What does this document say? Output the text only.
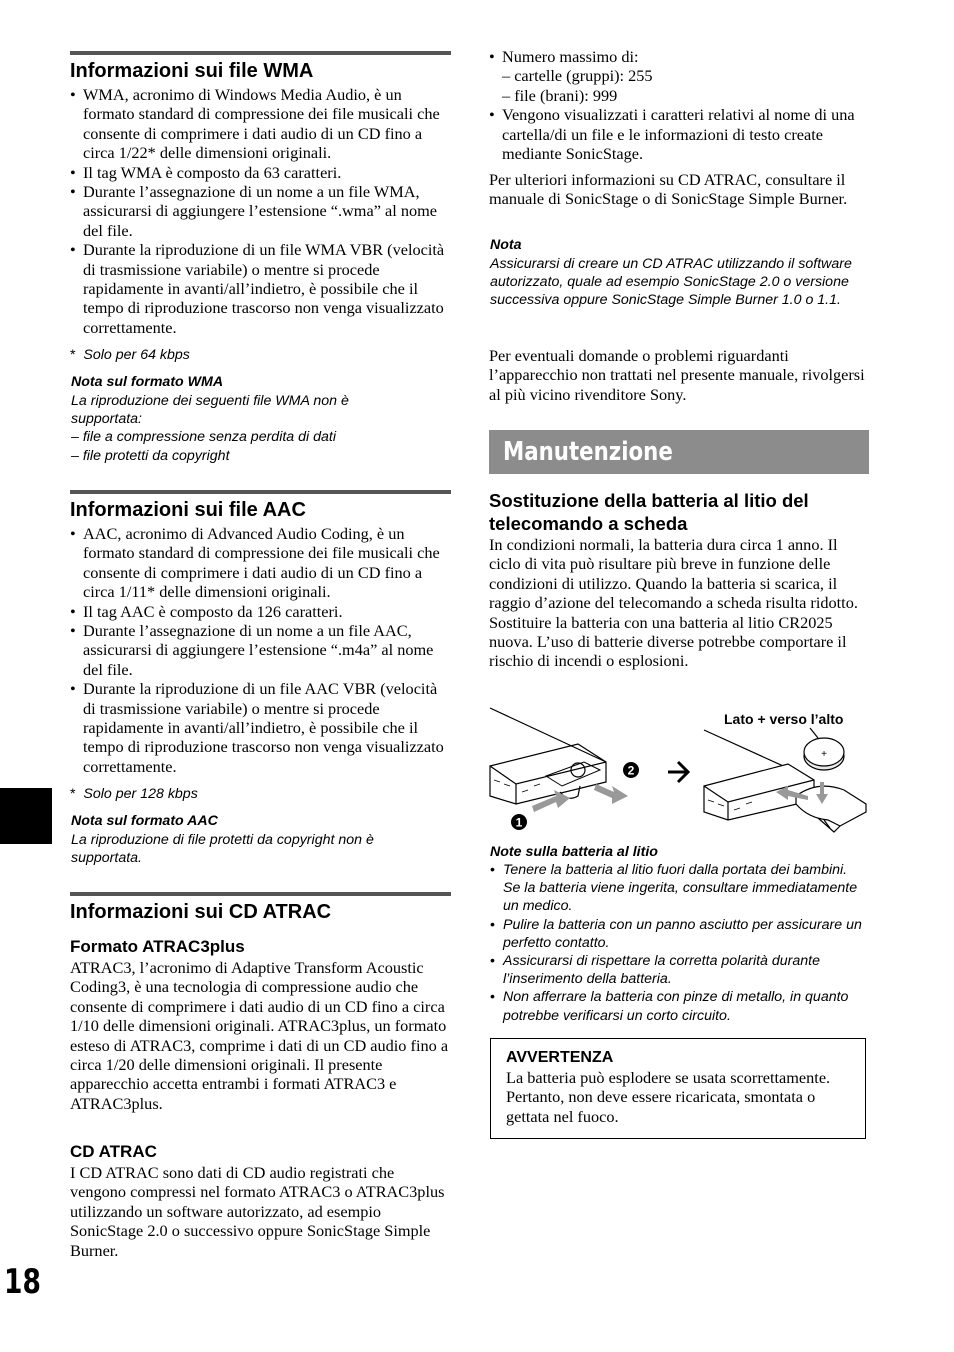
Informazioni sui file WMA
• WMA, acronimo di Windows Media Audio, è un formato standard di compressione dei file musicali che consente di comprimere i dati audio di un CD fino a circa 1/22* delle dimensioni originali.
• Il tag WMA è composto da 63 caratteri.
• Durante l’assegnazione di un nome a un file WMA, assicurarsi di aggiungere l’estensione “.wma” al nome del file.
• Durante la riproduzione di un file WMA VBR (velocità di trasmissione variabile) o mentre si procede rapidamente in avanti/all’indietro, è possibile che il tempo di riproduzione trascorso non venga visualizzato correttamente.
* Solo per 64 kbps
Nota sul formato WMA
La riproduzione dei seguenti file WMA non è supportata:
– file a compressione senza perdita di dati
– file protetti da copyright
Informazioni sui file AAC
• AAC, acronimo di Advanced Audio Coding, è un formato standard di compressione dei file musicali che consente di comprimere i dati audio di un CD fino a circa 1/11* delle dimensioni originali.
• Il tag AAC è composto da 126 caratteri.
• Durante l’assegnazione di un nome a un file AAC, assicurarsi di aggiungere l’estensione “.m4a” al nome del file.
• Durante la riproduzione di un file AAC VBR (velocità di trasmissione variabile) o mentre si procede rapidamente in avanti/all’indietro, è possibile che il tempo di riproduzione trascorso non venga visualizzato correttamente.
* Solo per 128 kbps
Nota sul formato AAC
La riproduzione di file protetti da copyright non è supportata.
Informazioni sui CD ATRAC
Formato ATRAC3plus

ATRAC3, l’acronimo di Adaptive Transform Acoustic Coding3, è una tecnologia di compressione audio che consente di comprimere i dati audio di un CD fino a circa 1/10 delle dimensioni originali. ATRAC3plus, un formato esteso di ATRAC3, comprime i dati di un CD audio fino a circa 1/20 delle dimensioni originali. Il presente apparecchio accetta entrambi i formati ATRAC3 e ATRAC3plus.

CD ATRAC

I CD ATRAC sono dati di CD audio registrati che vengono compressi nel formato ATRAC3 o ATRAC3plus utilizzando un software autorizzato, ad esempio SonicStage 2.0 o successivo oppure SonicStage Simple Burner.

18
• Numero massimo di:
– cartelle (gruppi): 255
– file (brani): 999
• Vengono visualizzati i caratteri relativi al nome di una cartella/di un file e le informazioni di testo create mediante SonicStage.

Per ulteriori informazioni su CD ATRAC, consultare il manuale di SonicStage o di SonicStage Simple Burner.

Nota
Assicurarsi di creare un CD ATRAC utilizzando il software autorizzato, quale ad esempio SonicStage 2.0 o versione successiva oppure SonicStage Simple Burner 1.0 o 1.1.

Per eventuali domande o problemi riguardanti l’apparecchio non trattati nel presente manuale, rivolgersi al più vicino rivenditore Sony.

Manutenzione
Sostituzione della batteria al litio del telecomando a scheda

In condizioni normali, la batteria dura circa 1 anno. Il ciclo di vita può risultare più breve in funzione delle condizioni di utilizzo. Quando la batteria si scarica, il raggio d’azione del telecomando a scheda risulta ridotto. Sostituire la batteria con una batteria al litio CR2025 nuova. L’uso di batterie diverse potrebbe comportare il rischio di incendi o esplosioni.

Lato + verso l’alto
1
2
+
Note sulla batteria al litio
• Tenere la batteria al litio fuori dalla portata dei bambini. Se la batteria viene ingerita, consultare immediatamente un medico.
• Pulire la batteria con un panno asciutto per assicurare un perfetto contatto.
• Assicurarsi di rispettare la corretta polarità durante l’inserimento della batteria.
• Non afferrare la batteria con pinze di metallo, in quanto potrebbe verificarsi un corto circuito.
AVVERTENZA
La batteria può esplodere se usata scorrettamente. Pertanto, non deve essere ricaricata, smontata o gettata nel fuoco.
